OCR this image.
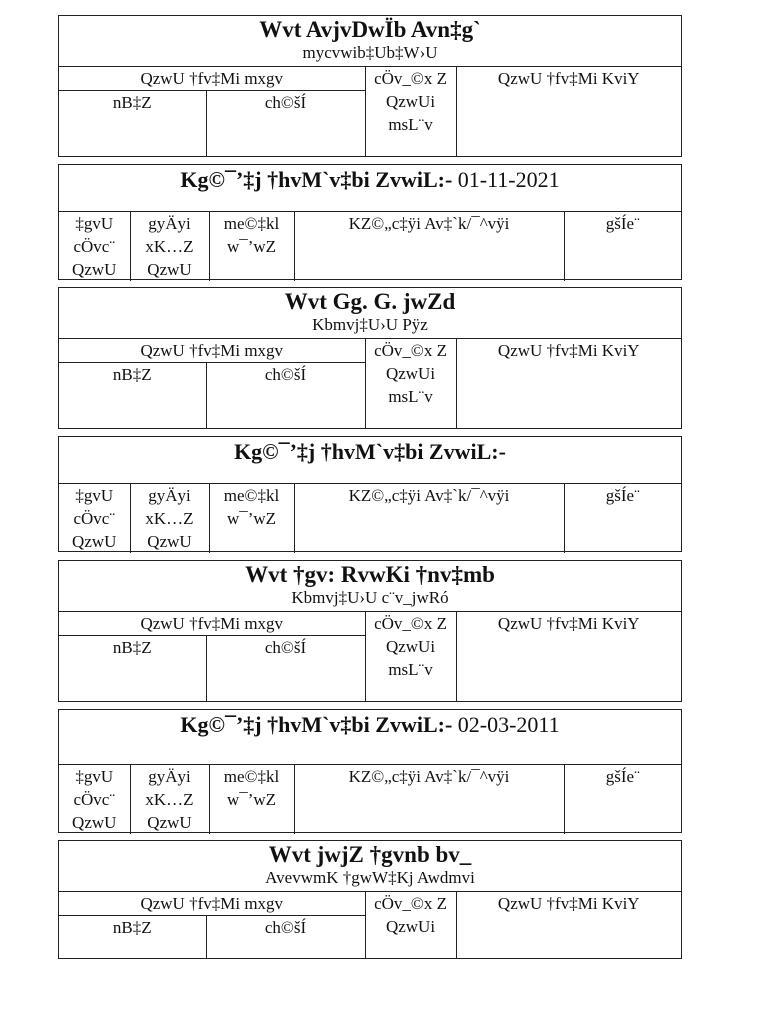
Wvt AvjvDwÏb Avn‡g`
mycvwib‡Ub‡W›U
QzwU †fv‡Mi mxgv		cÖv_©x Z QzwUi msL¨v	QzwU †fv‡Mi KviY
nB‡Z	ch©šÍ		
Kg©¯’‡j †hvM`v‡bi ZvwiL:- 01-11-2021
‡gvU cÖvc¨ QzwU	gyÄyi xK…Z QzwU	me©‡kl w¯’wZ	KZ©„c‡ÿi Av‡`k/¯^vÿi	gšÍe¨
Wvt Gg. G. jwZd
Kbmvj‡U›U Pÿz
QzwU †fv‡Mi mxgv		cÖv_©x Z QzwUi msL¨v	QzwU †fv‡Mi KviY
nB‡Z	ch©šÍ		
Kg©¯’‡j †hvM`v‡bi ZvwiL:-
‡gvU cÖvc¨ QzwU	gyÄyi xK…Z QzwU	me©‡kl w¯’wZ	KZ©„c‡ÿi Av‡`k/¯^vÿi	gšÍe¨
Wvt †gv: RvwKi †nv‡mb
Kbmvj‡U›U c¨v_jwRó
QzwU †fv‡Mi mxgv		cÖv_©x Z QzwUi msL¨v	QzwU †fv‡Mi KviY
nB‡Z	ch©šÍ		
Kg©¯’‡j †hvM`v‡bi ZvwiL:- 02-03-2011
‡gvU cÖvc¨ QzwU	gyÄyi xK…Z QzwU	me©‡kl w¯’wZ	KZ©„c‡ÿi Av‡`k/¯^vÿi	gšÍe¨
Wvt jwjZ †gvnb bv_
AvevwmK †gwW‡Kj Awdmvi
QzwU †fv‡Mi mxgv		cÖv_©x Z QzwUi	QzwU †fv‡Mi KviY
nB‡Z	ch©šÍ		
